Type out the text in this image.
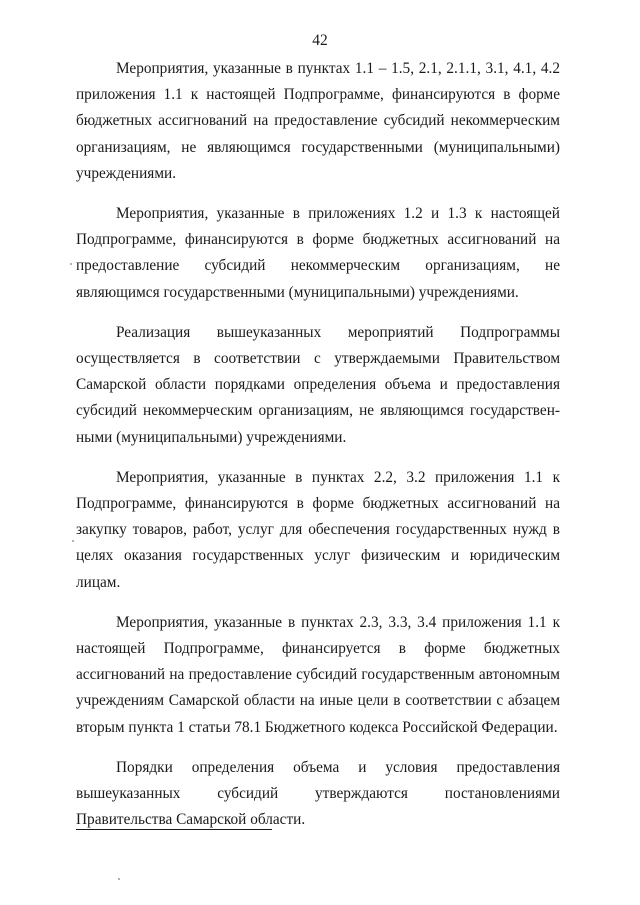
42

Мероприятия, указанные в пунктах 1.1 – 1.5, 2.1, 2.1.1, 3.1, 4.1, 4.2 приложения 1.1 к настоящей Подпрограмме, финансируются в форме бюджетных ассигнований на предоставление субсидий некоммерческим организациям, не являющимся государственными (муниципальными) учреждениями.

Мероприятия, указанные в приложениях 1.2 и 1.3 к настоящей Подпрограмме, финансируются в форме бюджетных ассигнований на предоставление субсидий некоммерческим организациям, не являющимся государственными (муниципальными) учреждениями.

Реализация вышеуказанных мероприятий Подпрограммы осуществляется в соответствии с утверждаемыми Правительством Самарской области порядками определения объема и предоставления субсидий некоммерческим организациям, не являющимся государственными (муниципальными) учреждениями.

Мероприятия, указанные в пунктах 2.2, 3.2 приложения 1.1 к Подпрограмме, финансируются в форме бюджетных ассигнований на закупку товаров, работ, услуг для обеспечения государственных нужд в целях оказания государственных услуг физическим и юридическим лицам.

Мероприятия, указанные в пунктах 2.3, 3.3, 3.4 приложения 1.1 к настоящей Подпрограмме, финансируется в форме бюджетных ассигнований на предоставление субсидий государственным автономным учреждениям Самарской области на иные цели в соответствии с абзацем вторым пункта 1 статьи 78.1 Бюджетного кодекса Российской Федерации.

Порядки определения объема и условия предоставления вышеуказанных субсидий утверждаются постановлениями Правительства Самарской области.
